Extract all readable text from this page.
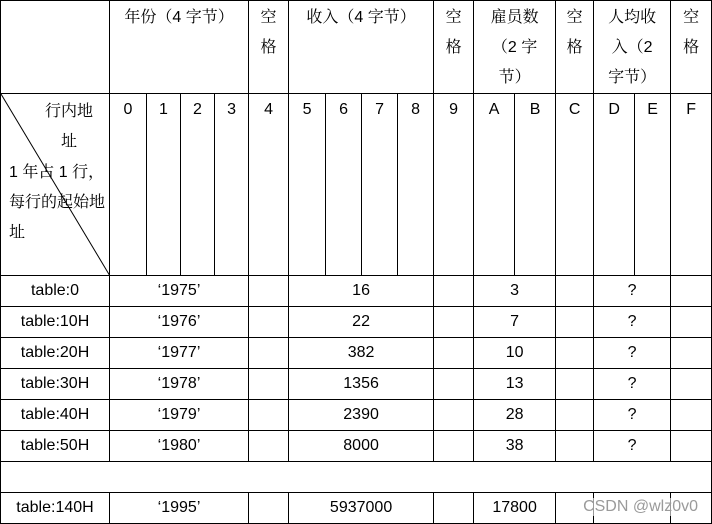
	年份（4 字节）				空格	收入（4 字节）				空格	雇员数（2 字节）		空格	人均收入（2 字节）		空格

行内地址
1 年占 1 行，每行的起始地址	0	1	2	3	4	5	6	7	8	9	A	B	C	D	E	F
table:0	‘1975’					16					3			?		
table:10H	‘1976’					22					7			?		
table:20H	‘1977’					382					10			?		
table:30H	‘1978’					1356					13			?		
table:40H	‘1979’					2390					28			?		
table:50H	‘1980’					8000					38			?		

table:140H	‘1995’					5937000					17800						CSDN @wlz0v0
